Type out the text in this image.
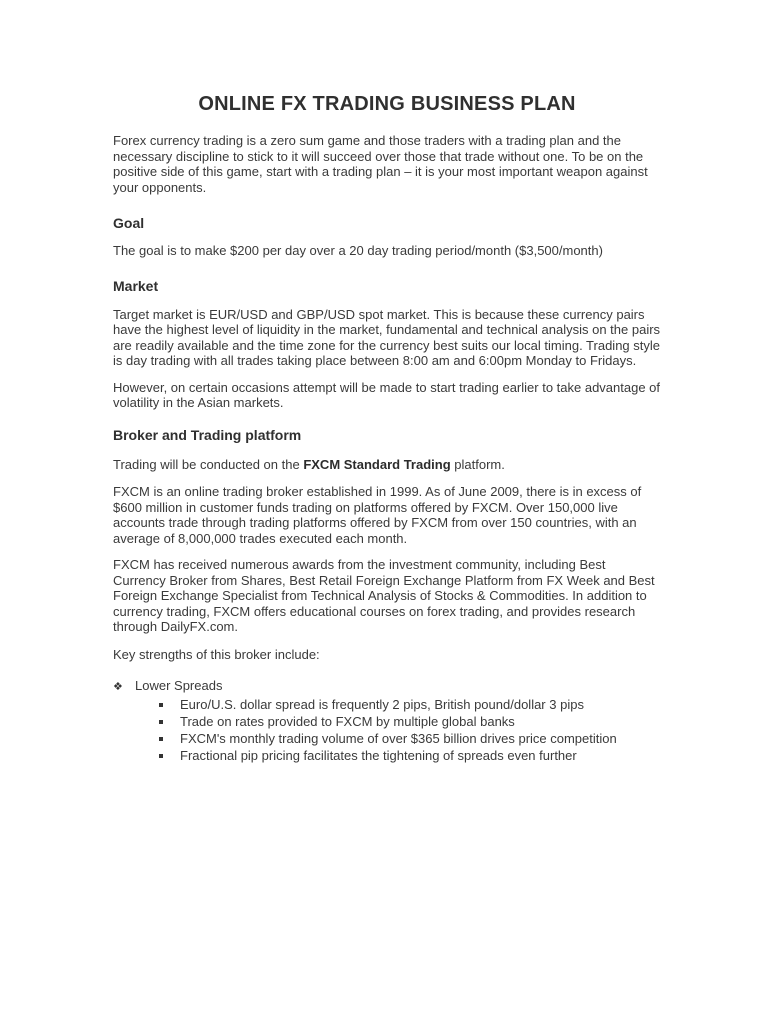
ONLINE FX TRADING BUSINESS PLAN

Forex currency trading is a zero sum game and those traders with a trading plan and the necessary discipline to stick to it will succeed over those that trade without one. To be on the positive side of this game, start with a trading plan – it is your most important weapon against your opponents.

Goal

The goal is to make $200 per day over a 20 day trading period/month ($3,500/month)

Market

Target market is EUR/USD and GBP/USD spot market. This is because these currency pairs have the highest level of liquidity in the market, fundamental and technical analysis on the pairs are readily available and the time zone for the currency best suits our local timing. Trading style is day trading with all trades taking place between 8:00 am and 6:00pm Monday to Fridays.

However, on certain occasions attempt will be made to start trading earlier to take advantage of volatility in the Asian markets.

Broker and Trading platform

Trading will be conducted on the FXCM Standard Trading platform.

FXCM is an online trading broker established in 1999. As of June 2009, there is in excess of $600 million in customer funds trading on platforms offered by FXCM. Over 150,000 live accounts trade through trading platforms offered by FXCM from over 150 countries, with an average of 8,000,000 trades executed each month.

FXCM has received numerous awards from the investment community, including Best Currency Broker from Shares, Best Retail Foreign Exchange Platform from FX Week and Best Foreign Exchange Specialist from Technical Analysis of Stocks & Commodities. In addition to currency trading, FXCM offers educational courses on forex trading, and provides research through DailyFX.com.

Key strengths of this broker include:

❖ Lower Spreads
Euro/U.S. dollar spread is frequently 2 pips, British pound/dollar 3 pips
Trade on rates provided to FXCM by multiple global banks
FXCM's monthly trading volume of over $365 billion drives price competition
Fractional pip pricing facilitates the tightening of spreads even further
